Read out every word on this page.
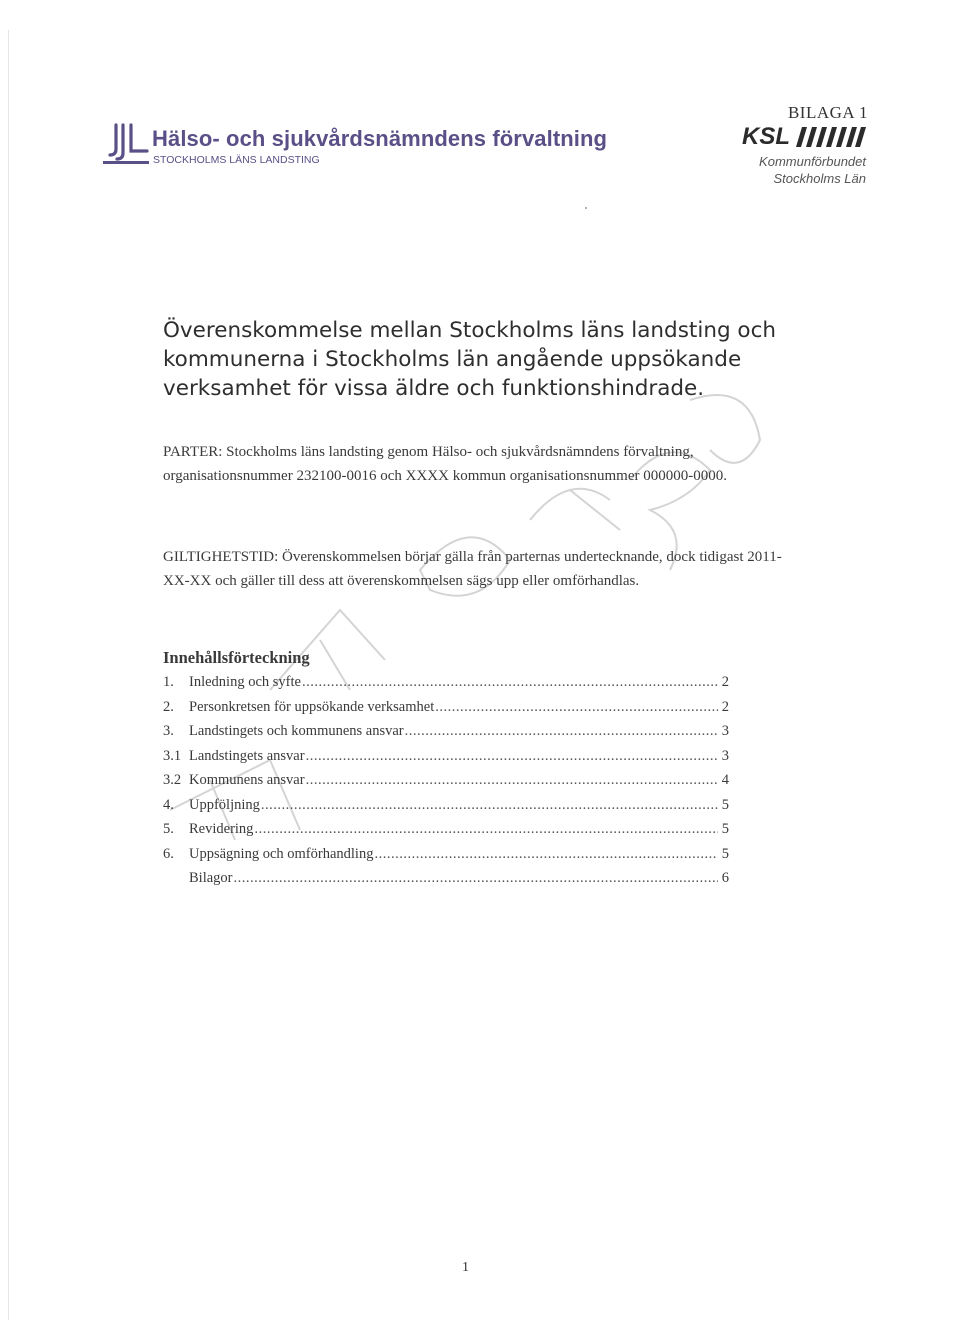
Hälso- och sjukvårdsnämndens förvaltning
STOCKHOLMS LÄNS LANDSTING
BILAGA 1
KSL
Kommunförbundet
Stockholms Län
Överenskommelse mellan Stockholms läns landsting och kommunerna i Stockholms län angående uppsökande verksamhet för vissa äldre och funktionshindrade.
PARTER: Stockholms läns landsting genom Hälso- och sjukvårdsnämndens förvaltning, organisationsnummer 232100-0016 och XXXX kommun organisationsnummer 000000-0000.
GILTIGHETSTID: Överenskommelsen börjar gälla från parternas undertecknande, dock tidigast 2011-XX-XX och gäller till dess att överenskommelsen sägs upp eller omförhandlas.
Innehållsförteckning
1.	Inledning och syfte .....	2
2.	Personkretsen för uppsökande verksamhet .....	2
3.	Landstingets och kommunens ansvar .....	3
3.1 Landstingets ansvar .....	3
3.2 Kommunens ansvar .....	4
4.	Uppföljning .....	5
5.	Revidering .....	5
6.	Uppsägning och omförhandling .....	5
Bilagor .....	6
1
